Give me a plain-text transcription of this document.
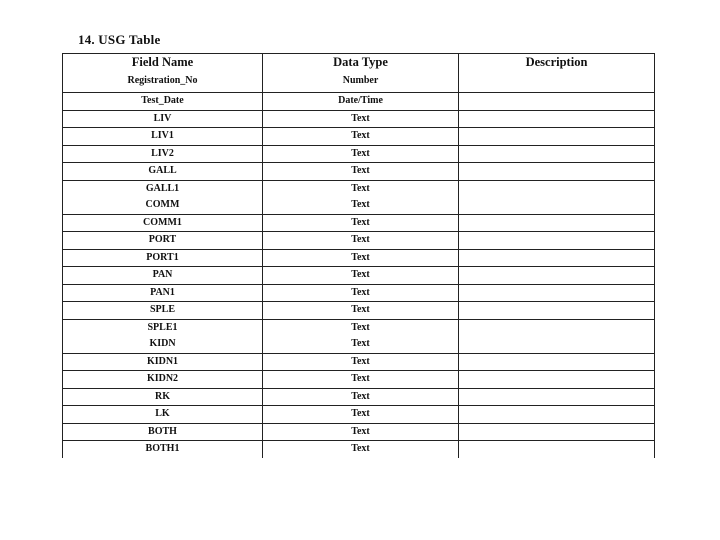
14. USG Table
Field Name	Data Type	Description
Registration_No	Number	
Test_Date	Date/Time	
LIV	Text	
LIV1	Text	
LIV2	Text	
GALL	Text	
GALL1	Text	
COMM	Text	
COMM1	Text	
PORT	Text	
PORT1	Text	
PAN	Text	
PAN1	Text	
SPLE	Text	
SPLE1	Text	
KIDN	Text	
KIDN1	Text	
KIDN2	Text	
RK	Text	
LK	Text	
BOTH	Text	
BOTH1	Text	
